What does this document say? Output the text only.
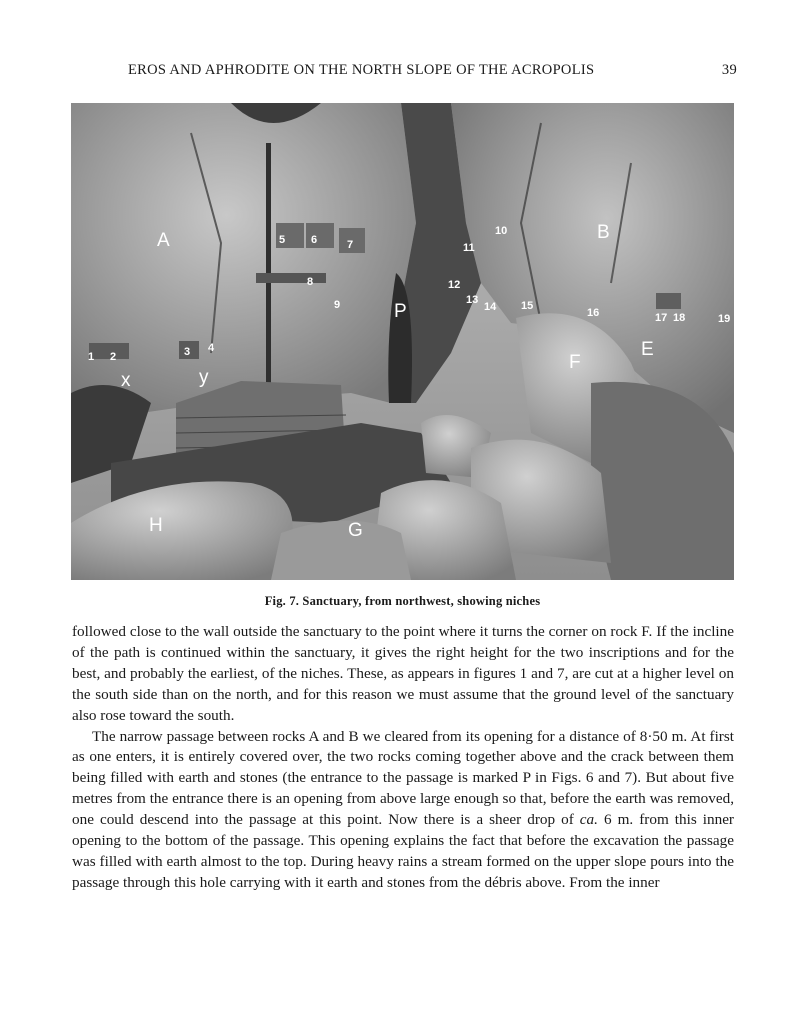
EROS AND APHRODITE ON THE NORTH SLOPE OF THE ACROPOLIS	39
A	B
E
F
G
H
P
x	y
1 2	3 4
5 6	7
8
9
10
11
12
13
14 15
16	17 18	19
Fig. 7. Sanctuary, from northwest, showing niches

followed close to the wall outside the sanctuary to the point where it turns the corner on rock F. If the incline of the path is continued within the sanctuary, it gives the right height for the two inscriptions and for the best, and probably the earliest, of the niches. These, as appears in figures 1 and 7, are cut at a higher level on the south side than on the north, and for this reason we must assume that the ground level of the sanctuary also rose toward the south.

The narrow passage between rocks A and B we cleared from its opening for a distance of 8·50 m. At first as one enters, it is entirely covered over, the two rocks coming together above and the crack between them being filled with earth and stones (the entrance to the passage is marked P in Figs. 6 and 7). But about five metres from the entrance there is an opening from above large enough so that, before the earth was removed, one could descend into the passage at this point. Now there is a sheer drop of ca. 6 m. from this inner opening to the bottom of the passage. This opening explains the fact that before the excavation the passage was filled with earth almost to the top. During heavy rains a stream formed on the upper slope pours into the passage through this hole carrying with it earth and stones from the débris above. From the inner
